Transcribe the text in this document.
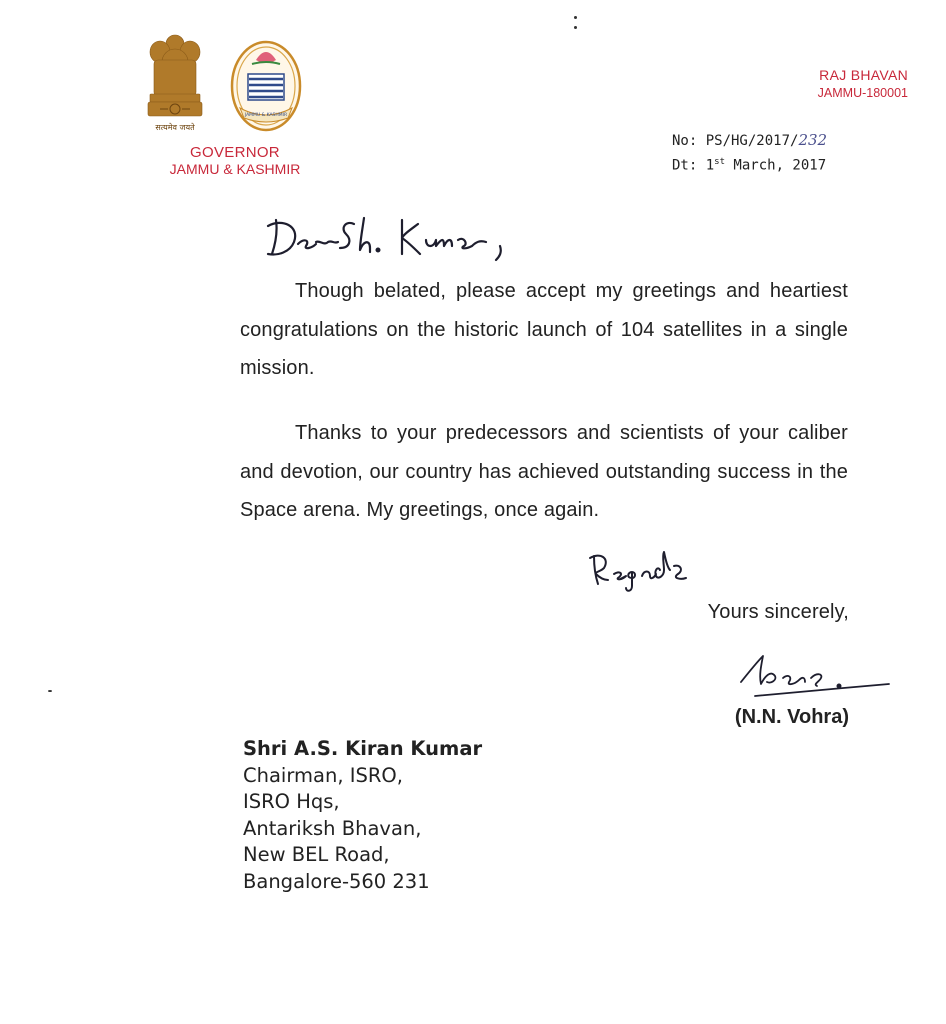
सत्यमेव जयते
JAMMU & KASHMIR
GOVERNOR
JAMMU & KASHMIR
RAJ BHAVAN
JAMMU-180001
No: PS/HG/2017/232
Dt: 1st March, 2017

Though belated, please accept my greetings and heartiest congratulations on the historic launch of 104 satellites in a single mission.

Thanks to your predecessors and scientists of your caliber and devotion, our country has achieved outstanding success in the Space arena. My greetings, once again.

Yours sincerely,
(N.N. Vohra)
Shri A.S. Kiran Kumar
Chairman, ISRO,
ISRO Hqs,
Antariksh Bhavan,
New BEL Road,
Bangalore-560 231
